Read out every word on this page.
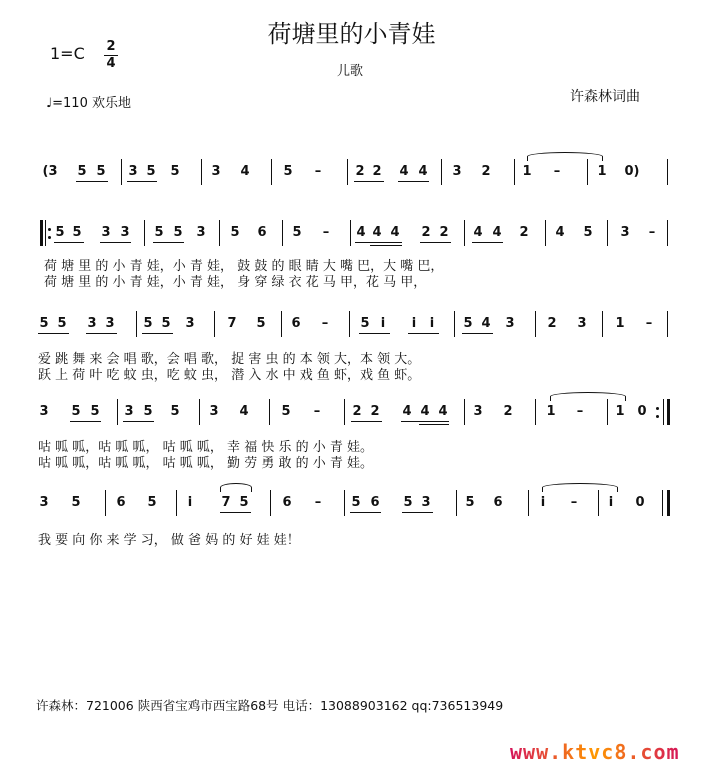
荷塘里的小青娃
儿歌
许森林词曲
1=C 2
4
♩=110 欢乐地
(3 5 5 3 5 5 3 4	5 –	2 2 4 4 3 2 1 –	1 0)
5 5 3 3 5 5 3 5 6 5 – 4 4 4 2 2 4 4 2 4 5 3 –
荷 塘 里 的 小 青 娃，小 青 娃， 鼓 鼓 的 眼 睛 大 嘴 巴，大 嘴 巴，
荷 塘 里 的 小 青 娃，小 青 娃， 身 穿 绿 衣 花 马 甲，花 马 甲，
5 5 3 3 5 5 3	7 5 6 – 5 i i i 5 4 3	2 3 1 –
爱 跳 舞 来 会 唱 歌，会 唱 歌， 捉 害 虫 的 本 领 大，本 领 大。
跃 上 荷 叶 吃 蚊 虫，吃 蚊 虫， 潜 入 水 中 戏 鱼 虾，戏 鱼 虾。
3 5 5 3 5 5 3 4	5 – 2 2 4 4 4 3 2	1 – 1 0
咕 呱 呱，咕 呱 呱， 咕 呱 呱， 幸 福 快 乐 的 小 青 娃。
咕 呱 呱，咕 呱 呱， 咕 呱 呱， 勤 劳 勇 敢 的 小 青 娃。
3 5	6 5 i 7 5	6 – 5 6 5 3	5 6	i – i 0
我 要 向 你 来 学 习， 做 爸 妈 的 好 娃 娃！
许森林：721006 陕西省宝鸡市西宝路68号 电话：13088903162 qq:736513949
www.ktvc8.com
